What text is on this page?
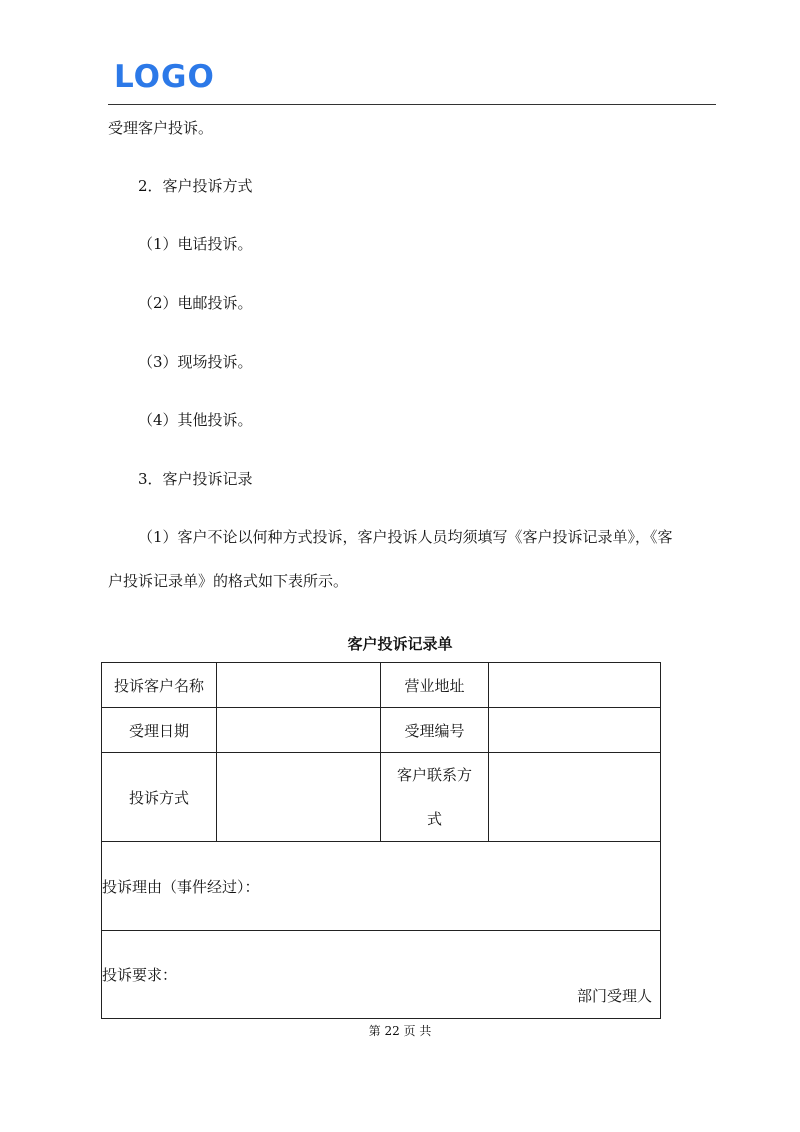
LOGO
受理客户投诉。
2．客户投诉方式
（1）电话投诉。
（2）电邮投诉。
（3）现场投诉。
（4）其他投诉。
3．客户投诉记录
（1）客户不论以何种方式投诉，客户投诉人员均须填写《客户投诉记录单》，《客
户投诉记录单》的格式如下表所示。
客户投诉记录单
投诉客户名称		营业地址	
受理日期		受理编号	
投诉方式		客户联系方
式	
投诉理由（事件经过）：			
投诉要求：
部门受理人			
第 22 页 共
